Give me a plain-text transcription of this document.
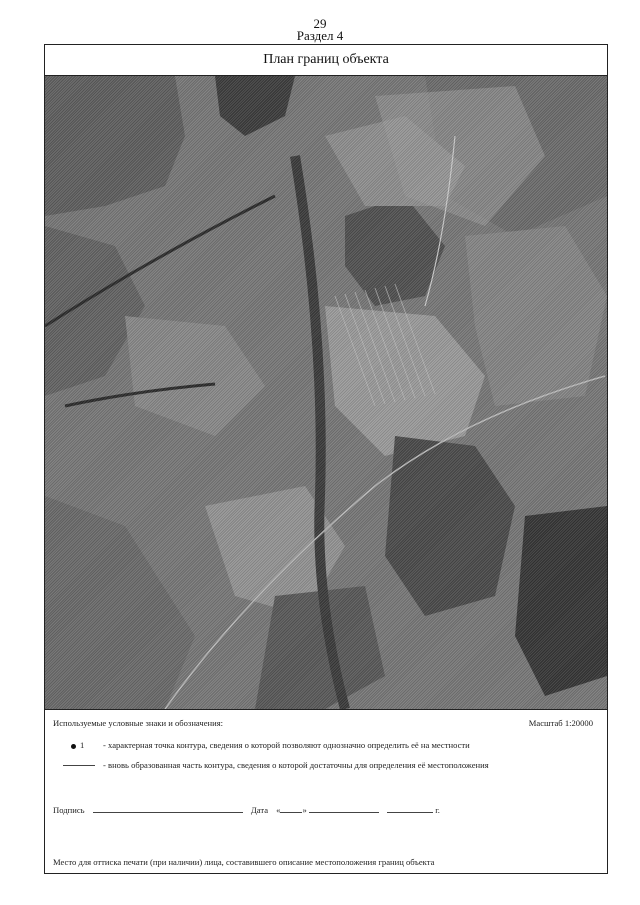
29
Раздел 4
План границ объекта
Используемые условные знаки и обозначения:	Масштаб 1:20000
1	- характерная точка контура, сведения о которой позволяют однозначно определить её на местности
- вновь образованная часть контура, сведения о которой достаточны для определения её местоположения
Подпись	Дата «	»	г.
Место для оттиска печати (при наличии) лица, составившего описание местоположения границ объекта
